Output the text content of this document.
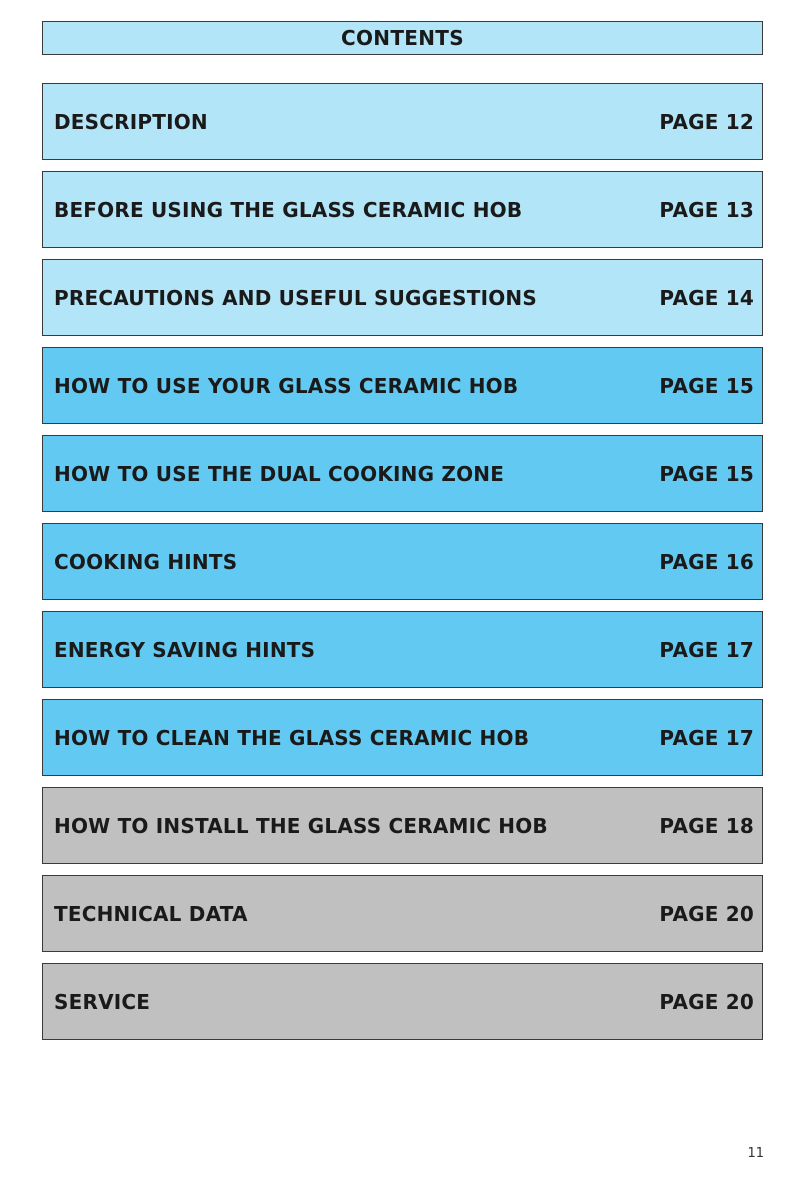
CONTENTS
DESCRIPTION	PAGE 12
BEFORE USING THE GLASS CERAMIC HOB	PAGE 13
PRECAUTIONS AND USEFUL SUGGESTIONS	PAGE 14
HOW TO USE YOUR GLASS CERAMIC HOB	PAGE 15
HOW TO USE THE DUAL COOKING ZONE	PAGE 15
COOKING HINTS	PAGE 16
ENERGY SAVING HINTS	PAGE 17
HOW TO CLEAN THE GLASS CERAMIC HOB	PAGE 17
HOW TO INSTALL THE GLASS CERAMIC HOB	PAGE 18
TECHNICAL DATA	PAGE 20
SERVICE	PAGE 20
11
